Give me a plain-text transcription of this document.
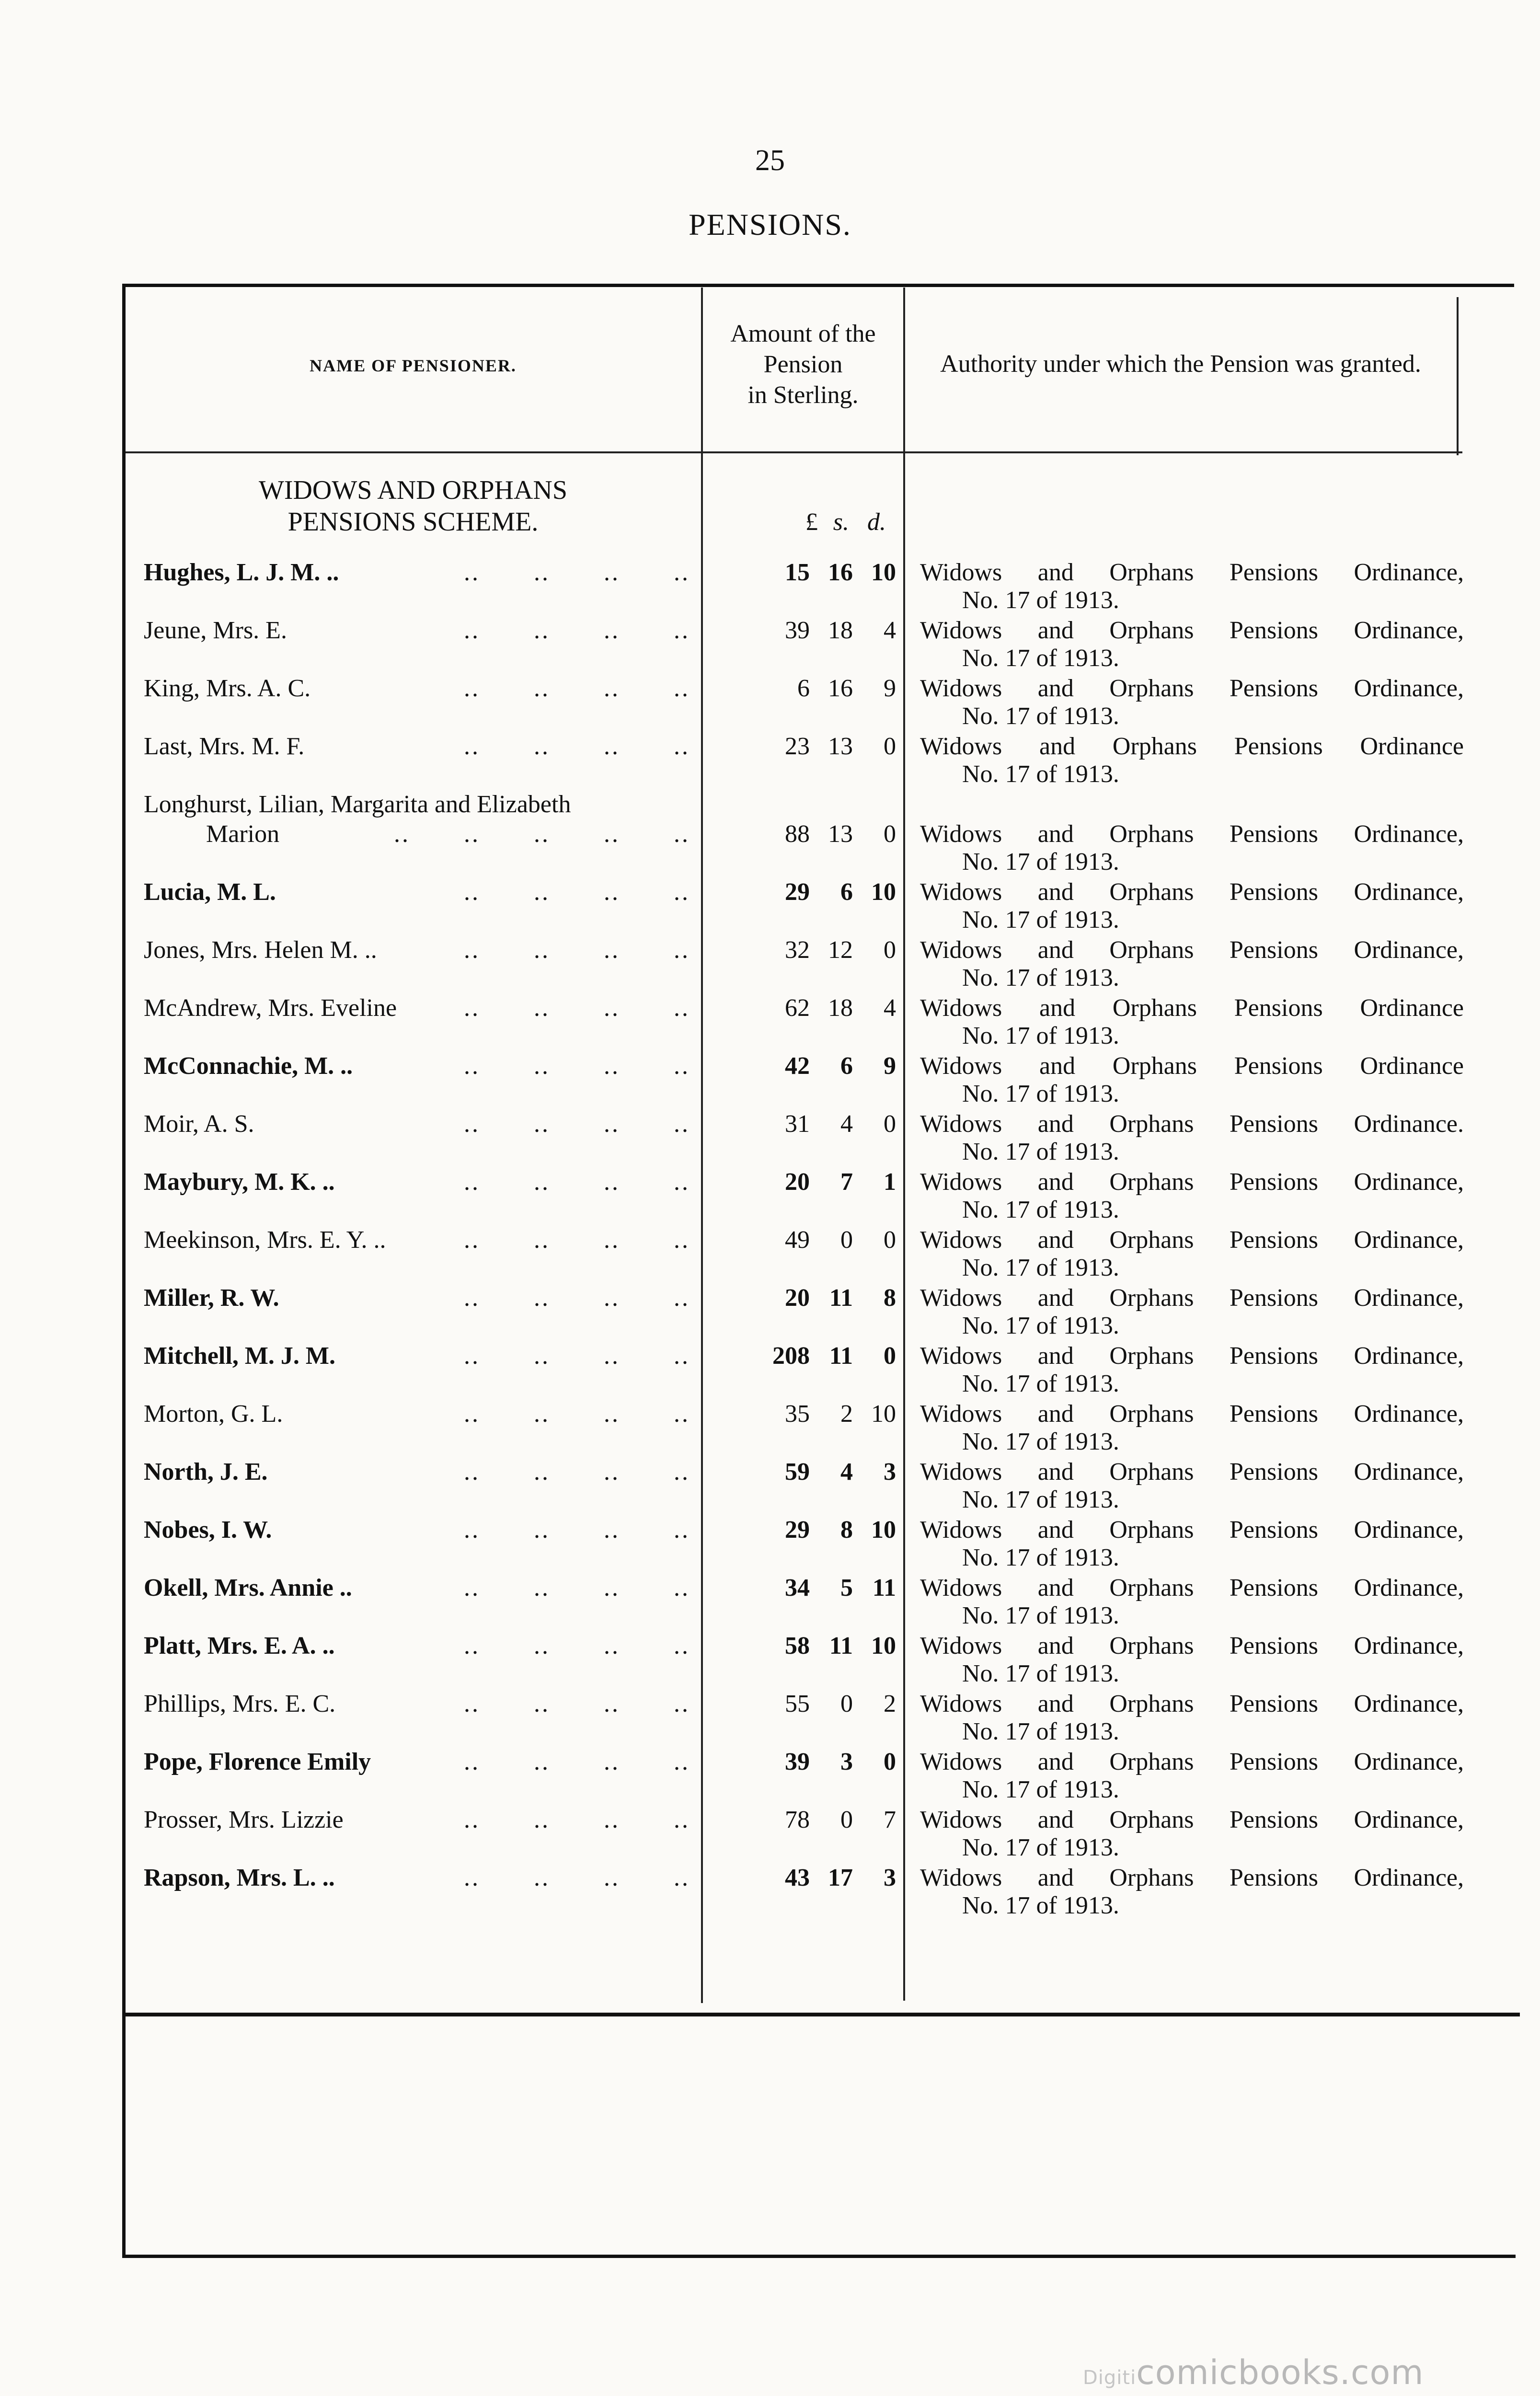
25
PENSIONS.
NAME OF PENSIONER.
Amount of the
Pension
in Sterling.
Authority under which the Pension was granted.
WIDOWS AND ORPHANS
PENSIONS SCHEME.	£ s. d.
Hughes, L. J. M. ..	..  ..  ..  ..	15 16 10 Widows and Orphans Pensions Ordinance,
No. 17 of 1913.
Jeune, Mrs. E.	..  ..  ..  ..	39 18	4 Widows and Orphans Pensions Ordinance,
No. 17 of 1913.
King, Mrs. A. C.	..  ..  ..  ..	6 16	9 Widows and Orphans Pensions Ordinance,
No. 17 of 1913.
Last, Mrs. M. F.	..  ..  ..  ..	23 13	0 Widows and Orphans Pensions Ordinance
No. 17 of 1913.
Longhurst, Lilian, Margarita and Elizabeth
Marion	..  ..  ..  ..  ..	88 13	0 Widows and Orphans Pensions Ordinance,
No. 17 of 1913.
Lucia, M. L.	..  ..  ..  ..	29	6 10 Widows and Orphans Pensions Ordinance,
No. 17 of 1913.
Jones, Mrs. Helen M. ..	..  ..  ..  ..	32 12	0 Widows and Orphans Pensions Ordinance,
No. 17 of 1913.
McAndrew, Mrs. Eveline	..  ..  ..  ..	62 18	4 Widows and Orphans Pensions Ordinance
No. 17 of 1913.
McConnachie, M. ..	..  ..  ..  ..	42	6	9 Widows and Orphans Pensions Ordinance
No. 17 of 1913.
Moir, A. S.	..  ..  ..  ..	31	4	0 Widows and Orphans Pensions Ordinance.
No. 17 of 1913.
Maybury, M. K. ..	..  ..  ..  ..	20	7	1 Widows and Orphans Pensions Ordinance,
No. 17 of 1913.
Meekinson, Mrs. E. Y. ..	..  ..  ..  ..	49	0	0 Widows and Orphans Pensions Ordinance,
No. 17 of 1913.
Miller, R. W.	..  ..  ..  ..	20 11	8 Widows and Orphans Pensions Ordinance,
No. 17 of 1913.
Mitchell, M. J. M.	..  ..  ..  ..	208 11	0 Widows and Orphans Pensions Ordinance,
No. 17 of 1913.
Morton, G. L.	..  ..  ..  ..	35	2 10 Widows and Orphans Pensions Ordinance,
No. 17 of 1913.
North, J. E.	..  ..  ..  ..	59	4	3 Widows and Orphans Pensions Ordinance,
No. 17 of 1913.
Nobes, I. W.	..  ..  ..  ..	29	8 10 Widows and Orphans Pensions Ordinance,
No. 17 of 1913.
Okell, Mrs. Annie ..	..  ..  ..  ..	34	5 11 Widows and Orphans Pensions Ordinance,
No. 17 of 1913.
Platt, Mrs. E. A. ..	..  ..  ..  ..	58 11 10 Widows and Orphans Pensions Ordinance,
No. 17 of 1913.
Phillips, Mrs. E. C.	..  ..  ..  ..	55	0	2 Widows and Orphans Pensions Ordinance,
No. 17 of 1913.
Pope, Florence Emily	..  ..  ..  ..	39	3	0 Widows and Orphans Pensions Ordinance,
No. 17 of 1913.
Prosser, Mrs. Lizzie	..  ..  ..  ..	78	0	7 Widows and Orphans Pensions Ordinance,
No. 17 of 1913.
Rapson, Mrs. L. ..	..  ..  ..  ..	43 17	3 Widows and Orphans Pensions Ordinance,
No. 17 of 1913.
Digiticomicbooks.com
